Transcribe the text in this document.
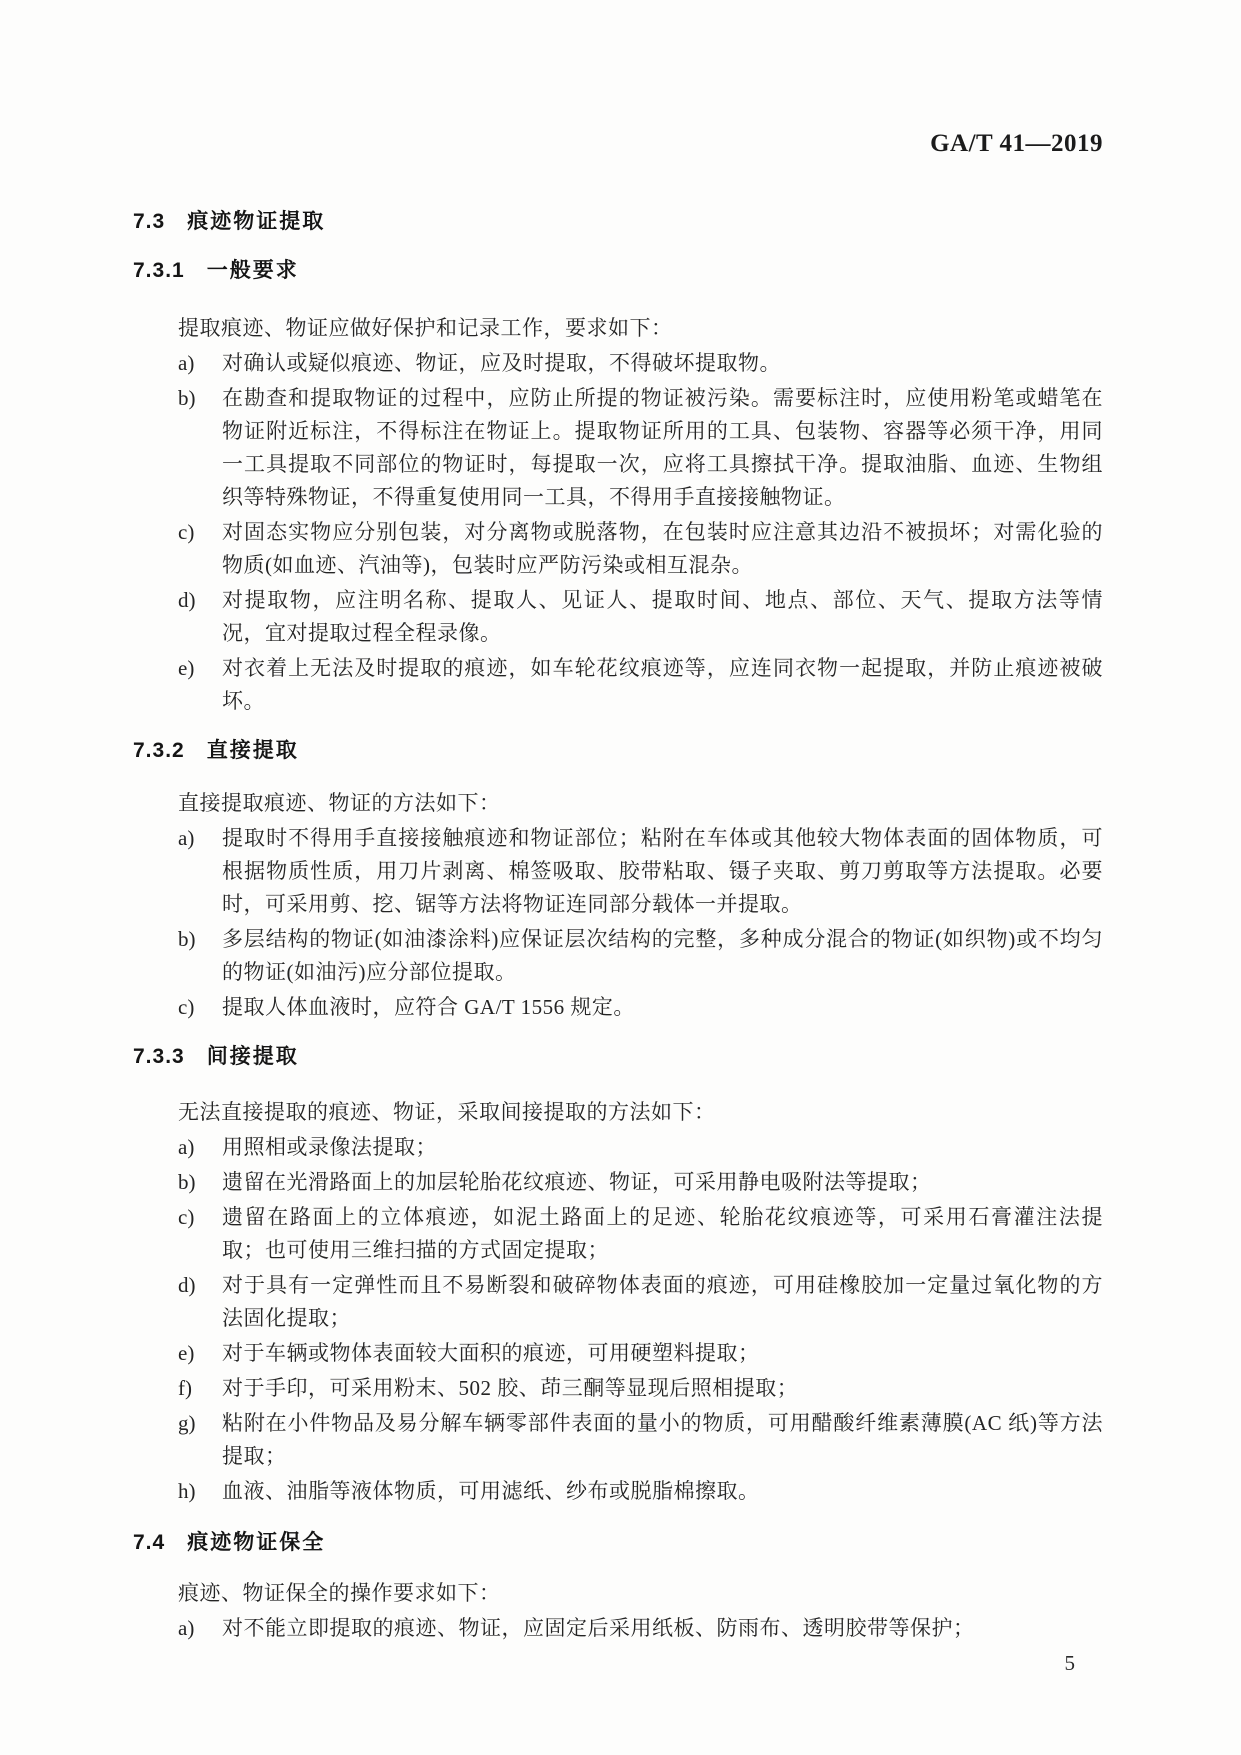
GA/T 41—2019
7.3 痕迹物证提取
7.3.1 一般要求

提取痕迹、物证应做好保护和记录工作，要求如下：

a)	对确认或疑似痕迹、物证，应及时提取，不得破坏提取物。
b)	在勘查和提取物证的过程中，应防止所提的物证被污染。需要标注时，应使用粉笔或蜡笔在物证附近标注，不得标注在物证上。提取物证所用的工具、包装物、容器等必须干净，用同一工具提取不同部位的物证时，每提取一次，应将工具擦拭干净。提取油脂、血迹、生物组织等特殊物证，不得重复使用同一工具，不得用手直接接触物证。
c)	对固态实物应分别包装，对分离物或脱落物，在包装时应注意其边沿不被损坏；对需化验的物质(如血迹、汽油等)，包装时应严防污染或相互混杂。
d)	对提取物，应注明名称、提取人、见证人、提取时间、地点、部位、天气、提取方法等情况，宜对提取过程全程录像。
e)	对衣着上无法及时提取的痕迹，如车轮花纹痕迹等，应连同衣物一起提取，并防止痕迹被破坏。
7.3.2 直接提取

直接提取痕迹、物证的方法如下：

a)	提取时不得用手直接接触痕迹和物证部位；粘附在车体或其他较大物体表面的固体物质，可根据物质性质，用刀片剥离、棉签吸取、胶带粘取、镊子夹取、剪刀剪取等方法提取。必要时，可采用剪、挖、锯等方法将物证连同部分载体一并提取。
b)	多层结构的物证(如油漆涂料)应保证层次结构的完整，多种成分混合的物证(如织物)或不均匀的物证(如油污)应分部位提取。
c)	提取人体血液时，应符合 GA/T 1556 规定。
7.3.3 间接提取

无法直接提取的痕迹、物证，采取间接提取的方法如下：

a)	用照相或录像法提取；
b)	遗留在光滑路面上的加层轮胎花纹痕迹、物证，可采用静电吸附法等提取；
c)	遗留在路面上的立体痕迹，如泥土路面上的足迹、轮胎花纹痕迹等，可采用石膏灌注法提取；也可使用三维扫描的方式固定提取；
d)	对于具有一定弹性而且不易断裂和破碎物体表面的痕迹，可用硅橡胶加一定量过氧化物的方法固化提取；
e)	对于车辆或物体表面较大面积的痕迹，可用硬塑料提取；
f)	对于手印，可采用粉末、502 胶、茚三酮等显现后照相提取；
g)	粘附在小件物品及易分解车辆零部件表面的量小的物质，可用醋酸纤维素薄膜(AC 纸)等方法提取；
h)	血液、油脂等液体物质，可用滤纸、纱布或脱脂棉擦取。
7.4 痕迹物证保全

痕迹、物证保全的操作要求如下：

a)	对不能立即提取的痕迹、物证，应固定后采用纸板、防雨布、透明胶带等保护；
5
